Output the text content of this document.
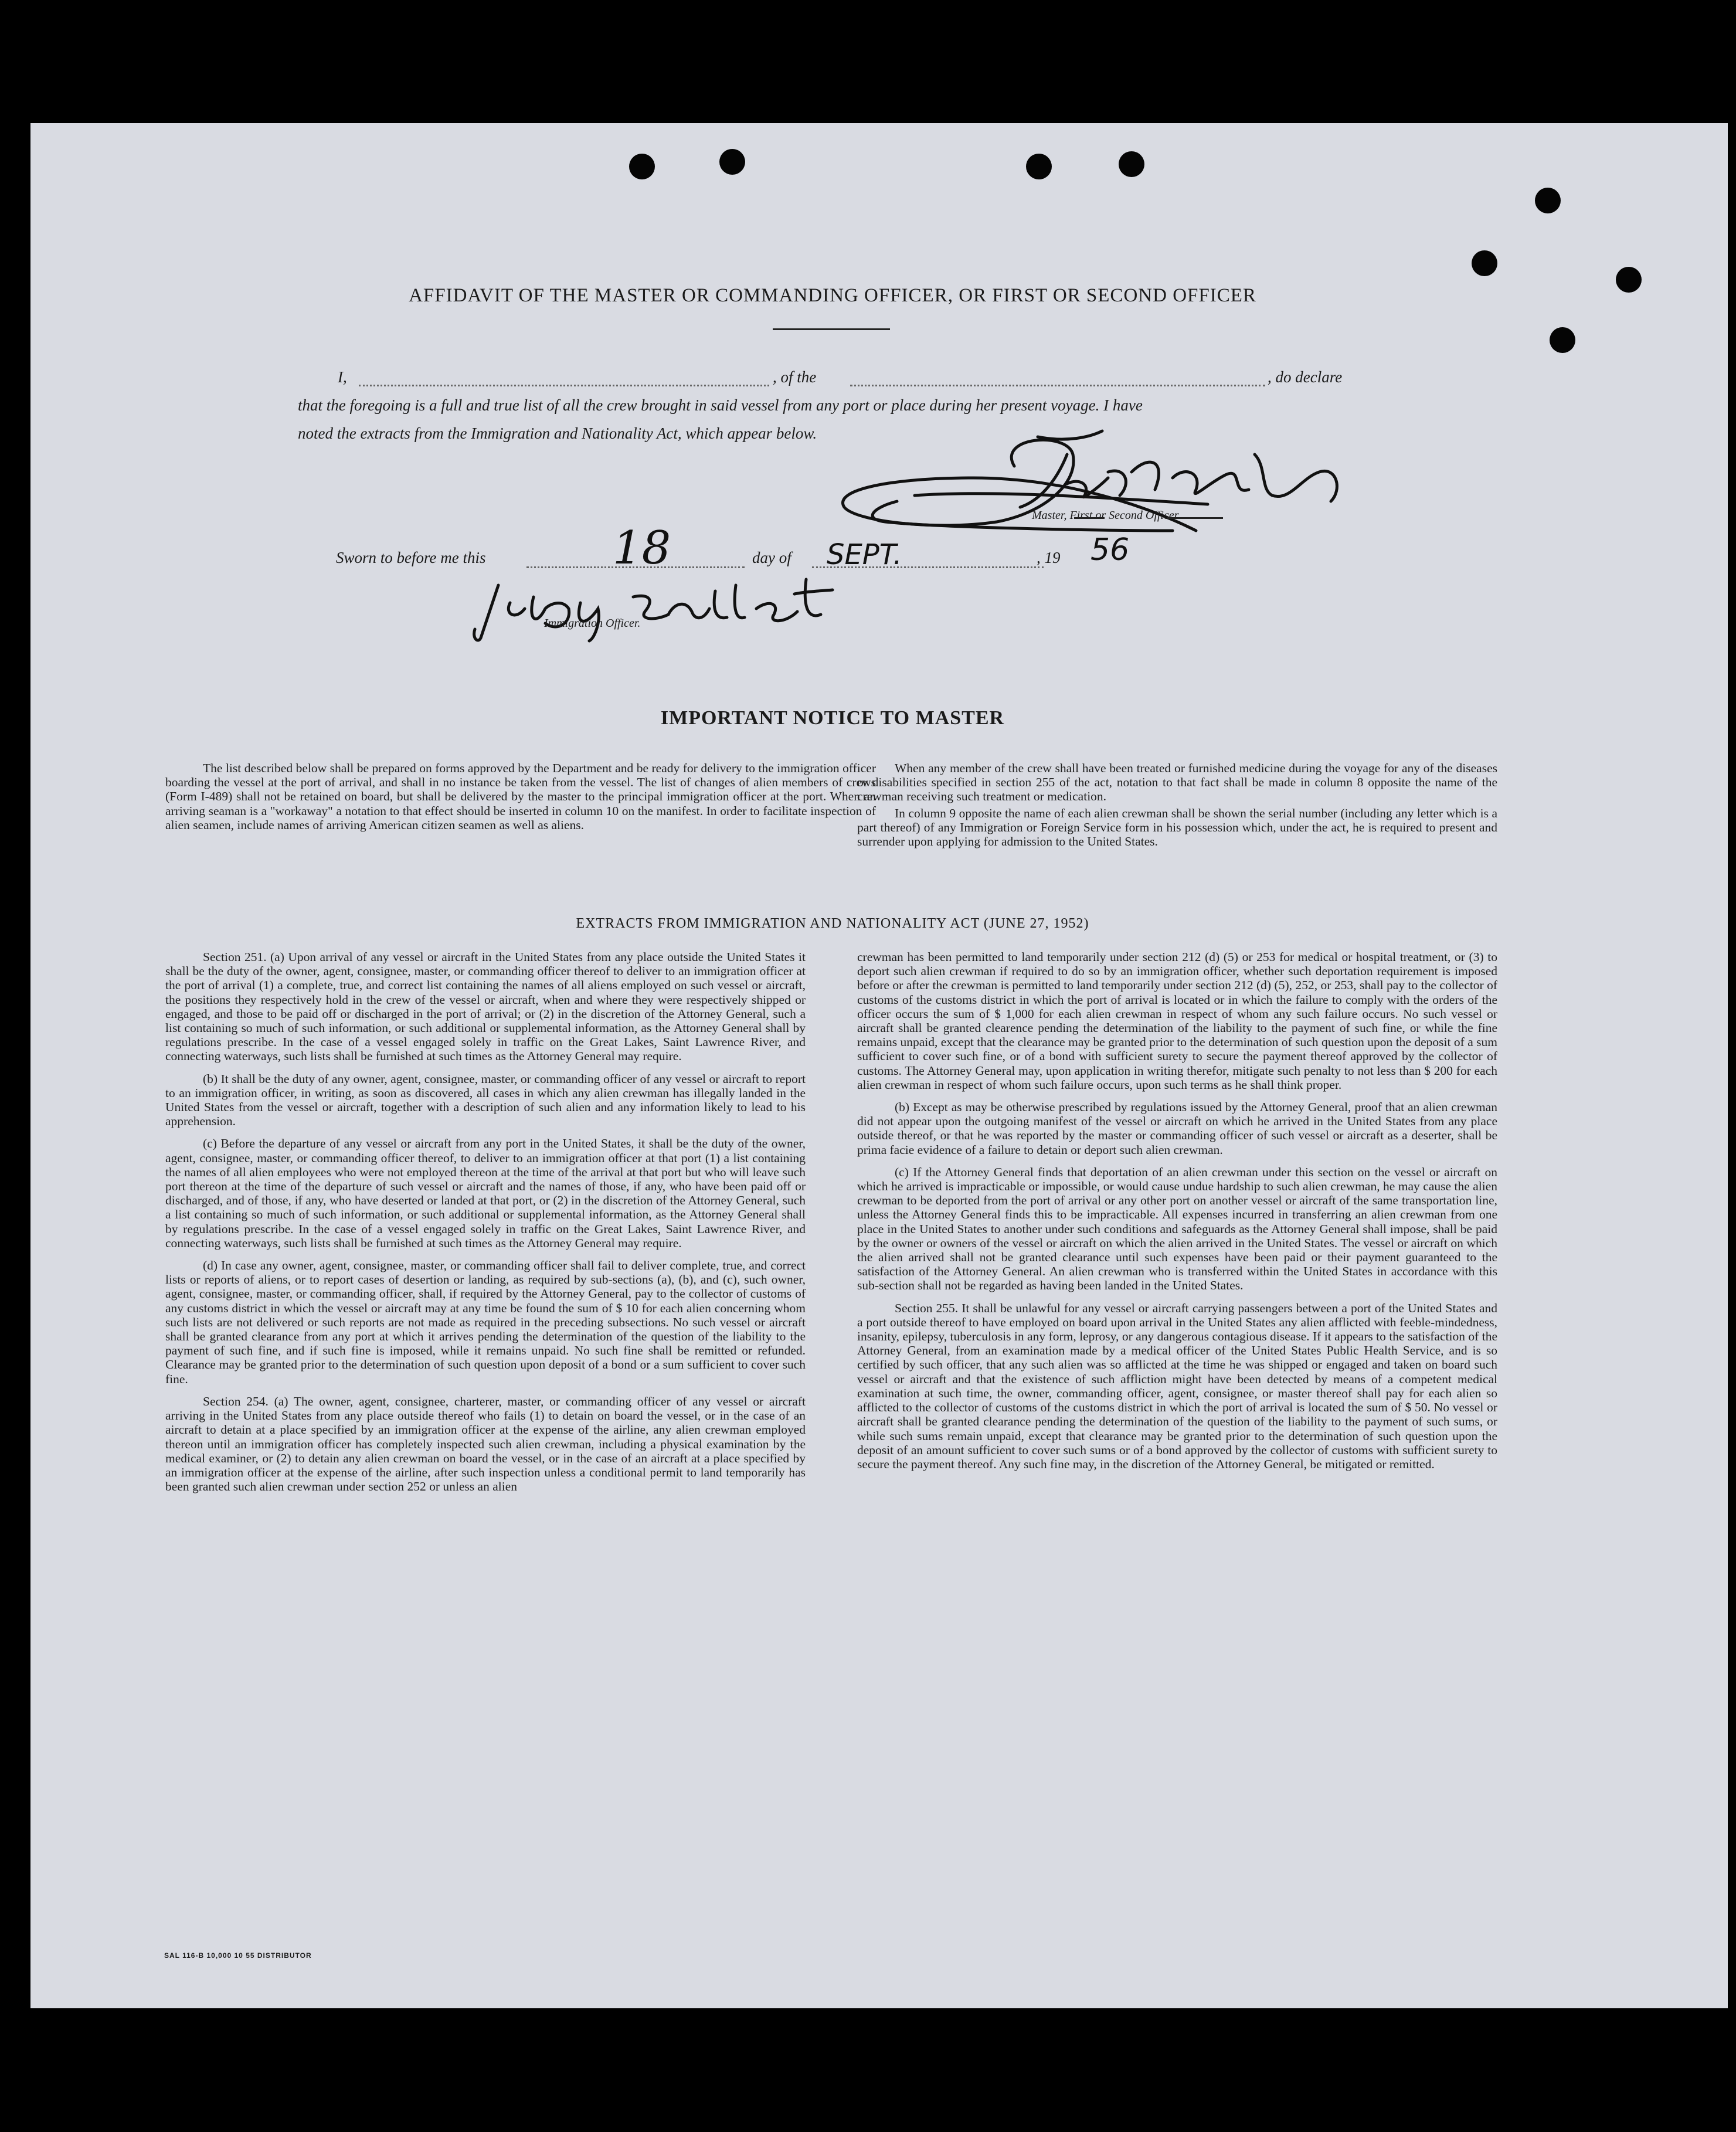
AFFIDAVIT OF THE MASTER OR COMMANDING OFFICER, OR FIRST OR SECOND OFFICER
I,	, of the	, do declare
that the foregoing is a full and true list of all the crew brought in said vessel from any port or place during her present voyage. I have
noted the extracts from the Immigration and Nationality Act, which appear below.
Master, First or Second Officer.
Sworn to before me this	18	day of SEPT.	, 19 56
Immigration Officer.
IMPORTANT NOTICE TO MASTER

The list described below shall be prepared on forms approved by the Department and be ready for delivery to the immigration officer boarding the vessel at the port of arrival, and shall in no instance be taken from the vessel. The list of changes of alien members of crews (Form I-489) shall not be retained on board, but shall be delivered by the master to the principal immigration officer at the port. When an arriving seaman is a "workaway" a notation to that effect should be inserted in column 10 on the manifest. In order to facilitate inspection of alien seamen, include names of arriving American citizen seamen as well as aliens.

When any member of the crew shall have been treated or furnished medicine during the voyage for any of the diseases or disabilities specified in section 255 of the act, notation to that fact shall be made in column 8 opposite the name of the crewman receiving such treatment or medication.

In column 9 opposite the name of each alien crewman shall be shown the serial number (including any letter which is a part thereof) of any Immigration or Foreign Service form in his possession which, under the act, he is required to present and surrender upon applying for admission to the United States.

EXTRACTS FROM IMMIGRATION AND NATIONALITY ACT (JUNE 27, 1952)

Section 251. (a) Upon arrival of any vessel or aircraft in the United States from any place outside the United States it shall be the duty of the owner, agent, consignee, master, or commanding officer thereof to deliver to an immigration officer at the port of arrival (1) a complete, true, and correct list containing the names of all aliens employed on such vessel or aircraft, the positions they respectively hold in the crew of the vessel or aircraft, when and where they were respectively shipped or engaged, and those to be paid off or discharged in the port of arrival; or (2) in the discretion of the Attorney General, such a list containing so much of such information, or such additional or supplemental information, as the Attorney General shall by regulations prescribe. In the case of a vessel engaged solely in traffic on the Great Lakes, Saint Lawrence River, and connecting waterways, such lists shall be furnished at such times as the Attorney General may require.

(b) It shall be the duty of any owner, agent, consignee, master, or commanding officer of any vessel or aircraft to report to an immigration officer, in writing, as soon as discovered, all cases in which any alien crewman has illegally landed in the United States from the vessel or aircraft, together with a description of such alien and any information likely to lead to his apprehension.

(c) Before the departure of any vessel or aircraft from any port in the United States, it shall be the duty of the owner, agent, consignee, master, or commanding officer thereof, to deliver to an immigration officer at that port (1) a list containing the names of all alien employees who were not employed thereon at the time of the arrival at that port but who will leave such port thereon at the time of the departure of such vessel or aircraft and the names of those, if any, who have been paid off or discharged, and of those, if any, who have deserted or landed at that port, or (2) in the discretion of the Attorney General, such a list containing so much of such information, or such additional or supplemental information, as the Attorney General shall by regulations prescribe. In the case of a vessel engaged solely in traffic on the Great Lakes, Saint Lawrence River, and connecting waterways, such lists shall be furnished at such times as the Attorney General may require.

(d) In case any owner, agent, consignee, master, or commanding officer shall fail to deliver complete, true, and correct lists or reports of aliens, or to report cases of desertion or landing, as required by sub-sections (a), (b), and (c), such owner, agent, consignee, master, or commanding officer, shall, if required by the Attorney General, pay to the collector of customs of any customs district in which the vessel or aircraft may at any time be found the sum of $ 10 for each alien concerning whom such lists are not delivered or such reports are not made as required in the preceding subsections. No such vessel or aircraft shall be granted clearance from any port at which it arrives pending the determination of the question of the liability to the payment of such fine, and if such fine is imposed, while it remains unpaid. No such fine shall be remitted or refunded. Clearance may be granted prior to the determination of such question upon deposit of a bond or a sum sufficient to cover such fine.

Section 254. (a) The owner, agent, consignee, charterer, master, or commanding officer of any vessel or aircraft arriving in the United States from any place outside thereof who fails (1) to detain on board the vessel, or in the case of an aircraft to detain at a place specified by an immigration officer at the expense of the airline, any alien crewman employed thereon until an immigration officer has completely inspected such alien crewman, including a physical examination by the medical examiner, or (2) to detain any alien crewman on board the vessel, or in the case of an aircraft at a place specified by an immigration officer at the expense of the airline, after such inspection unless a conditional permit to land temporarily has been granted such alien crewman under section 252 or unless an alien

crewman has been permitted to land temporarily under section 212 (d) (5) or 253 for medical or hospital treatment, or (3) to deport such alien crewman if required to do so by an immigration officer, whether such deportation requirement is imposed before or after the crewman is permitted to land temporarily under section 212 (d) (5), 252, or 253, shall pay to the collector of customs of the customs district in which the port of arrival is located or in which the failure to comply with the orders of the officer occurs the sum of $ 1,000 for each alien crewman in respect of whom any such failure occurs. No such vessel or aircraft shall be granted clearence pending the determination of the liability to the payment of such fine, or while the fine remains unpaid, except that the clearance may be granted prior to the determination of such question upon the deposit of a sum sufficient to cover such fine, or of a bond with sufficient surety to secure the payment thereof approved by the collector of customs. The Attorney General may, upon application in writing therefor, mitigate such penalty to not less than $ 200 for each alien crewman in respect of whom such failure occurs, upon such terms as he shall think proper.

(b) Except as may be otherwise prescribed by regulations issued by the Attorney General, proof that an alien crewman did not appear upon the outgoing manifest of the vessel or aircraft on which he arrived in the United States from any place outside thereof, or that he was reported by the master or commanding officer of such vessel or aircraft as a deserter, shall be prima facie evidence of a failure to detain or deport such alien crewman.

(c) If the Attorney General finds that deportation of an alien crewman under this section on the vessel or aircraft on which he arrived is impracticable or impossible, or would cause undue hardship to such alien crewman, he may cause the alien crewman to be deported from the port of arrival or any other port on another vessel or aircraft of the same transportation line, unless the Attorney General finds this to be impracticable. All expenses incurred in transferring an alien crewman from one place in the United States to another under such conditions and safeguards as the Attorney General shall impose, shall be paid by the owner or owners of the vessel or aircraft on which the alien arrived in the United States. The vessel or aircraft on which the alien arrived shall not be granted clearance until such expenses have been paid or their payment guaranteed to the satisfaction of the Attorney General. An alien crewman who is transferred within the United States in accordance with this sub-section shall not be regarded as having been landed in the United States.

Section 255. It shall be unlawful for any vessel or aircraft carrying passengers between a port of the United States and a port outside thereof to have employed on board upon arrival in the United States any alien afflicted with feeble-mindedness, insanity, epilepsy, tuberculosis in any form, leprosy, or any dangerous contagious disease. If it appears to the satisfaction of the Attorney General, from an examination made by a medical officer of the United States Public Health Service, and is so certified by such officer, that any such alien was so afflicted at the time he was shipped or engaged and taken on board such vessel or aircraft and that the existence of such affliction might have been detected by means of a competent medical examination at such time, the owner, commanding officer, agent, consignee, or master thereof shall pay for each alien so afflicted to the collector of customs of the customs district in which the port of arrival is located the sum of $ 50. No vessel or aircraft shall be granted clearance pending the determination of the question of the liability to the payment of such sums, or while such sums remain unpaid, except that clearance may be granted prior to the determination of such question upon the deposit of an amount sufficient to cover such sums or of a bond approved by the collector of customs with sufficient surety to secure the payment thereof. Any such fine may, in the discretion of the Attorney General, be mitigated or remitted.

SAL 116-B 10,000 10 55 DISTRIBUTOR
